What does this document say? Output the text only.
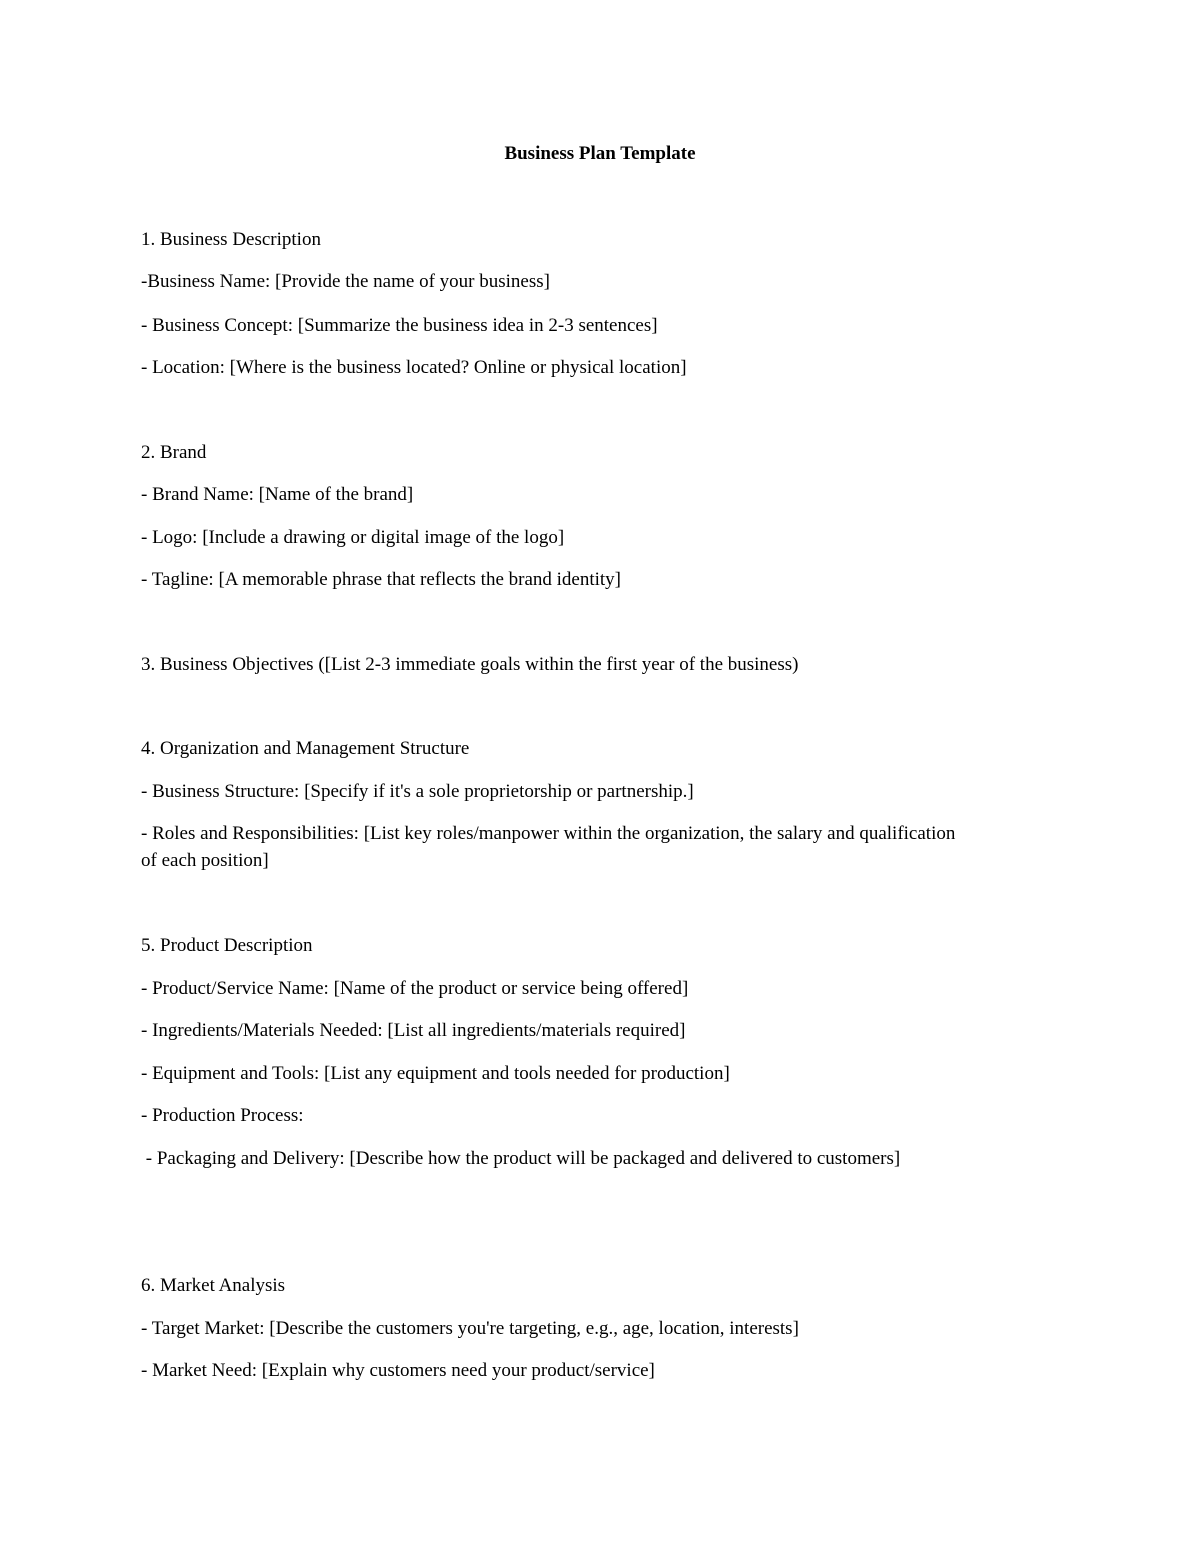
Business Plan Template

1. Business Description

-Business Name: [Provide the name of your business]

- Business Concept: [Summarize the business idea in 2-3 sentences]

- Location: [Where is the business located? Online or physical location]

2. Brand

- Brand Name: [Name of the brand]

- Logo: [Include a drawing or digital image of the logo]

- Tagline: [A memorable phrase that reflects the brand identity]

3. Business Objectives ([List 2-3 immediate goals within the first year of the business)

4. Organization and Management Structure

- Business Structure: [Specify if it's a sole proprietorship or partnership.]

- Roles and Responsibilities: [List key roles/manpower within the organization, the salary and qualification of each position]

5. Product Description

- Product/Service Name: [Name of the product or service being offered]

- Ingredients/Materials Needed: [List all ingredients/materials required]

- Equipment and Tools: [List any equipment and tools needed for production]

- Production Process:

- Packaging and Delivery: [Describe how the product will be packaged and delivered to customers]

6. Market Analysis

- Target Market: [Describe the customers you're targeting, e.g., age, location, interests]

- Market Need: [Explain why customers need your product/service]
